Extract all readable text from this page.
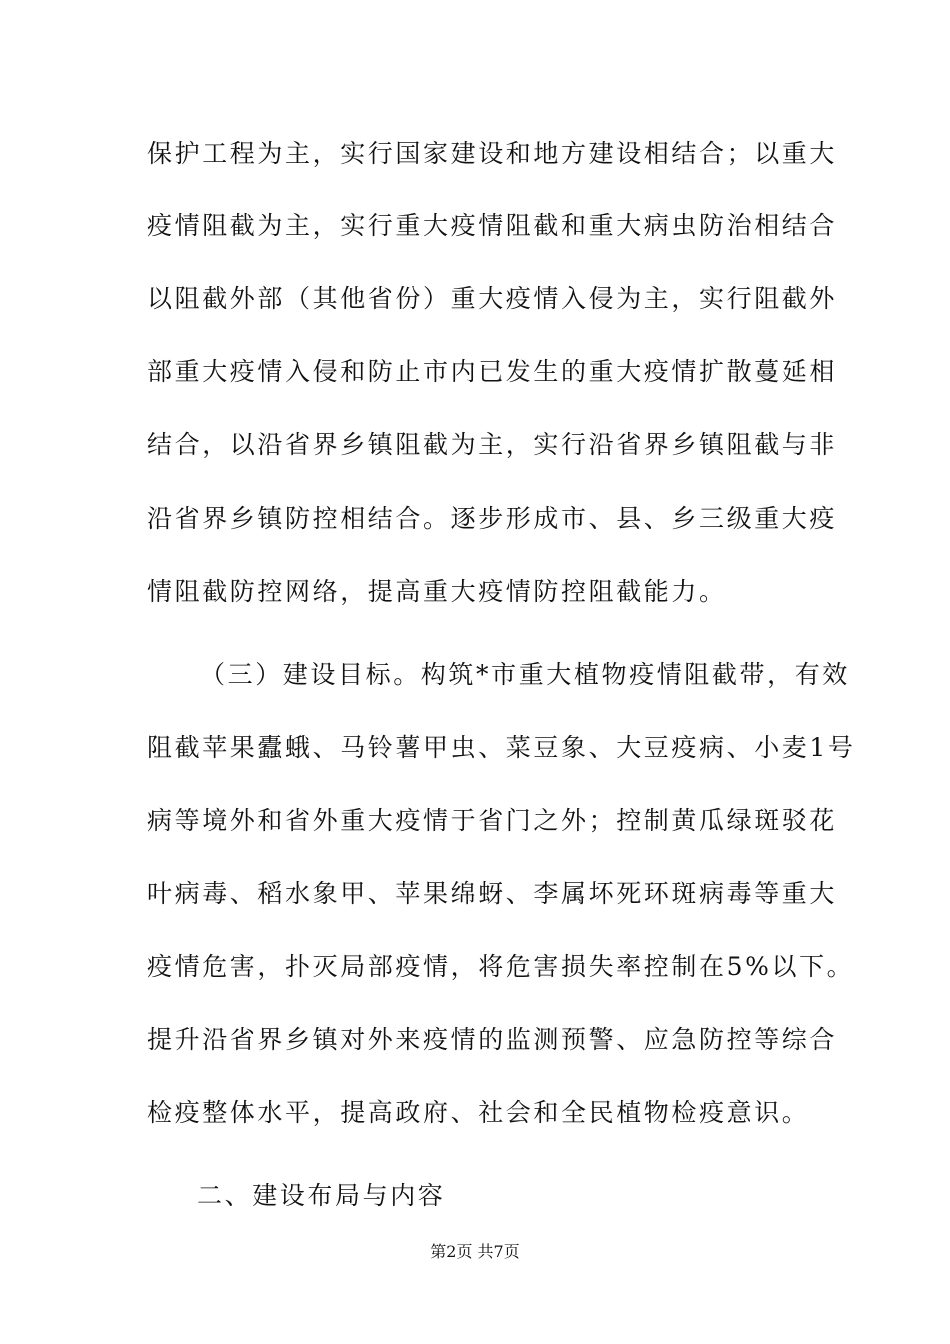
保护工程为主，实行国家建设和地方建设相结合；以重大
疫情阻截为主，实行重大疫情阻截和重大病虫防治相结合
以阻截外部（其他省份）重大疫情入侵为主，实行阻截外
部重大疫情入侵和防止市内已发生的重大疫情扩散蔓延相
结合，以沿省界乡镇阻截为主，实行沿省界乡镇阻截与非
沿省界乡镇防控相结合。逐步形成市、县、乡三级重大疫
情阻截防控网络，提高重大疫情防控阻截能力。
（三）建设目标。构筑*市重大植物疫情阻截带，有效
阻截苹果蠹蛾、马铃薯甲虫、菜豆象、大豆疫病、小麦1号
病等境外和省外重大疫情于省门之外；控制黄瓜绿斑驳花
叶病毒、稻水象甲、苹果绵蚜、李属坏死环斑病毒等重大
疫情危害，扑灭局部疫情，将危害损失率控制在5%以下。
提升沿省界乡镇对外来疫情的监测预警、应急防控等综合
检疫整体水平，提高政府、社会和全民植物检疫意识。
二、建设布局与内容
第2页 共7页
